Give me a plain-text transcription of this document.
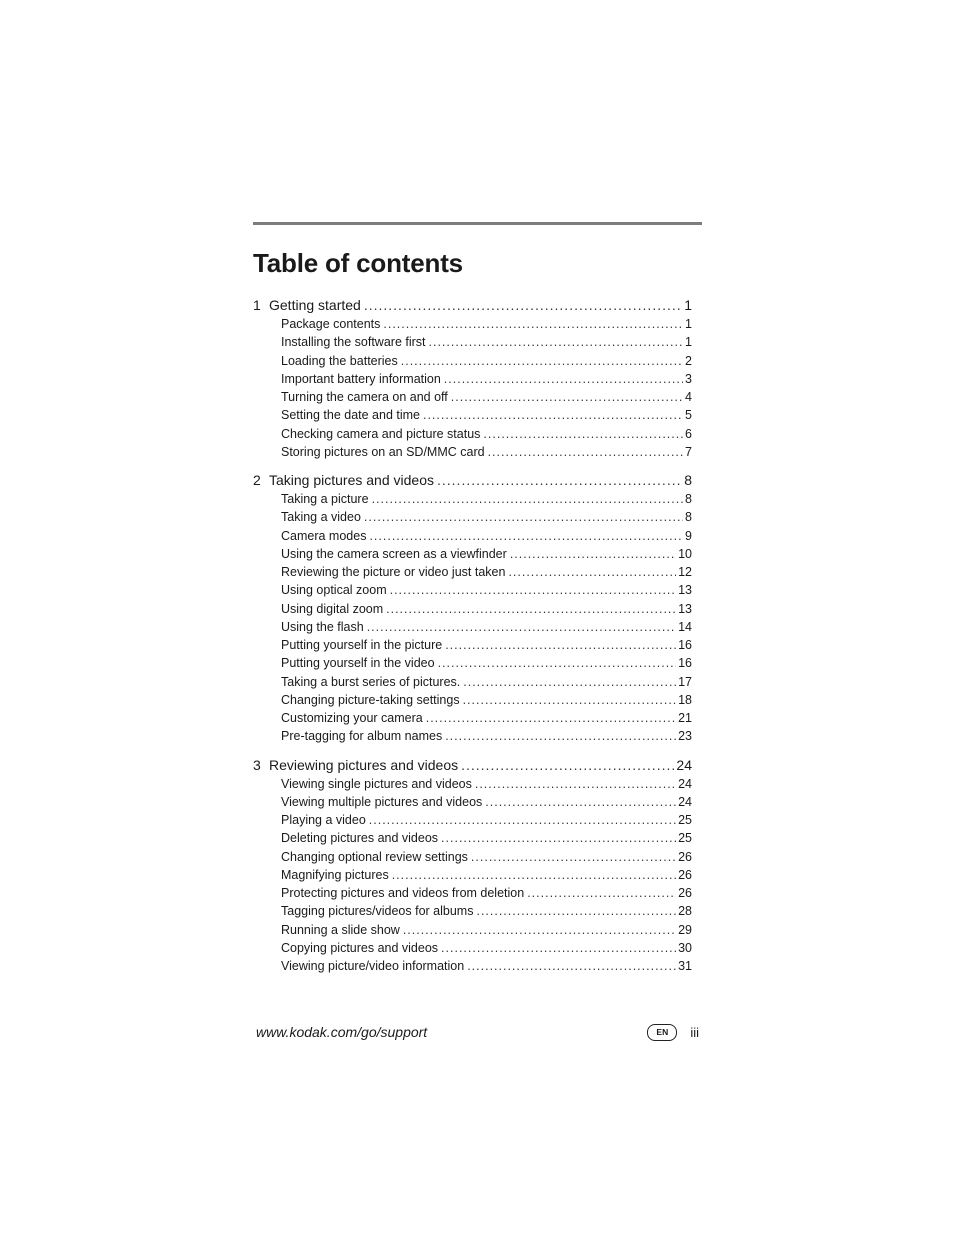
Table of contents
1 Getting started .....	1
Package contents .....	1
Installing the software first .....	1
Loading the batteries .....	2
Important battery information .....	3
Turning the camera on and off .....	4
Setting the date and time .....	5
Checking camera and picture status .....	6
Storing pictures on an SD/MMC card .....	7
2 Taking pictures and videos .....	8
Taking a picture .....	8
Taking a video .....	8
Camera modes .....	9
Using the camera screen as a viewfinder .....	10
Reviewing the picture or video just taken .....	12
Using optical zoom .....	13
Using digital zoom .....	13
Using the flash .....	14
Putting yourself in the picture .....	16
Putting yourself in the video .....	16
Taking a burst series of pictures. .....	17
Changing picture-taking settings .....	18
Customizing your camera .....	21
Pre-tagging for album names .....	23
3 Reviewing pictures and videos .....	24
Viewing single pictures and videos .....	24
Viewing multiple pictures and videos .....	24
Playing a video .....	25
Deleting pictures and videos .....	25
Changing optional review settings .....	26
Magnifying pictures .....	26
Protecting pictures and videos from deletion .....	26
Tagging pictures/videos for albums .....	28
Running a slide show .....	29
Copying pictures and videos .....	30
Viewing picture/video information .....	31
www.kodak.com/go/support	EN	iii
